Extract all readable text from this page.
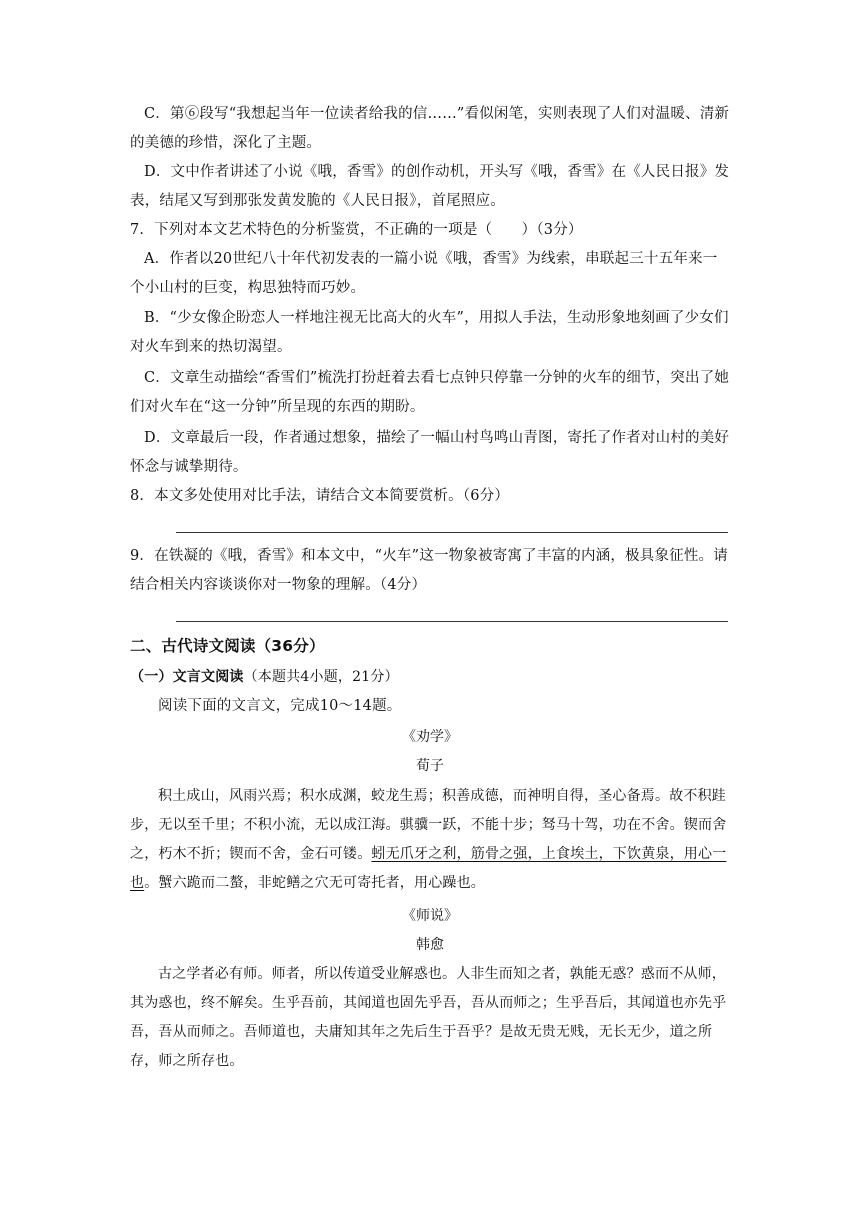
C．第⑥段写“我想起当年一位读者给我的信……”看似闲笔，实则表现了人们对温暖、清新的美德的珍惜，深化了主题。

D．文中作者讲述了小说《哦，香雪》的创作动机，开头写《哦，香雪》在《人民日报》发表，结尾又写到那张发黄发脆的《人民日报》，首尾照应。

7．下列对本文艺术特色的分析鉴赏，不正确的一项是（　　）（3分）

A．作者以20世纪八十年代初发表的一篇小说《哦，香雪》为线索，串联起三十五年来一个小山村的巨变，构思独特而巧妙。

B．“少女像企盼恋人一样地注视无比高大的火车”，用拟人手法，生动形象地刻画了少女们对火车到来的热切渴望。

C．文章生动描绘“香雪们”梳洗打扮赶着去看七点钟只停靠一分钟的火车的细节，突出了她们对火车在“这一分钟”所呈现的东西的期盼。

D．文章最后一段，作者通过想象，描绘了一幅山村鸟鸣山青图，寄托了作者对山村的美好怀念与诚挚期待。

8．本文多处使用对比手法，请结合文本简要赏析。（6分）

9．在铁凝的《哦，香雪》和本文中，“火车”这一物象被寄寓了丰富的内涵，极具象征性。请结合相关内容谈谈你对一物象的理解。（4分）

二、古代诗文阅读（36分）

（一）文言文阅读（本题共4小题，21分）

阅读下面的文言文，完成10～14题。

《劝学》

荀子

积土成山，风雨兴焉；积水成渊，蛟龙生焉；积善成德，而神明自得，圣心备焉。故不积跬步，无以至千里；不积小流，无以成江海。骐骥一跃，不能十步；驽马十驾，功在不舍。锲而舍之，朽木不折；锲而不舍，金石可镂。蚓无爪牙之利，筋骨之强，上食埃土，下饮黄泉，用心一也。蟹六跪而二螯，非蛇鳝之穴无可寄托者，用心躁也。

《师说》

韩愈

古之学者必有师。师者，所以传道受业解惑也。人非生而知之者，孰能无惑？惑而不从师，其为惑也，终不解矣。生乎吾前，其闻道也固先乎吾，吾从而师之；生乎吾后，其闻道也亦先乎吾，吾从而师之。吾师道也，夫庸知其年之先后生于吾乎？是故无贵无贱，无长无少，道之所存，师之所存也。
